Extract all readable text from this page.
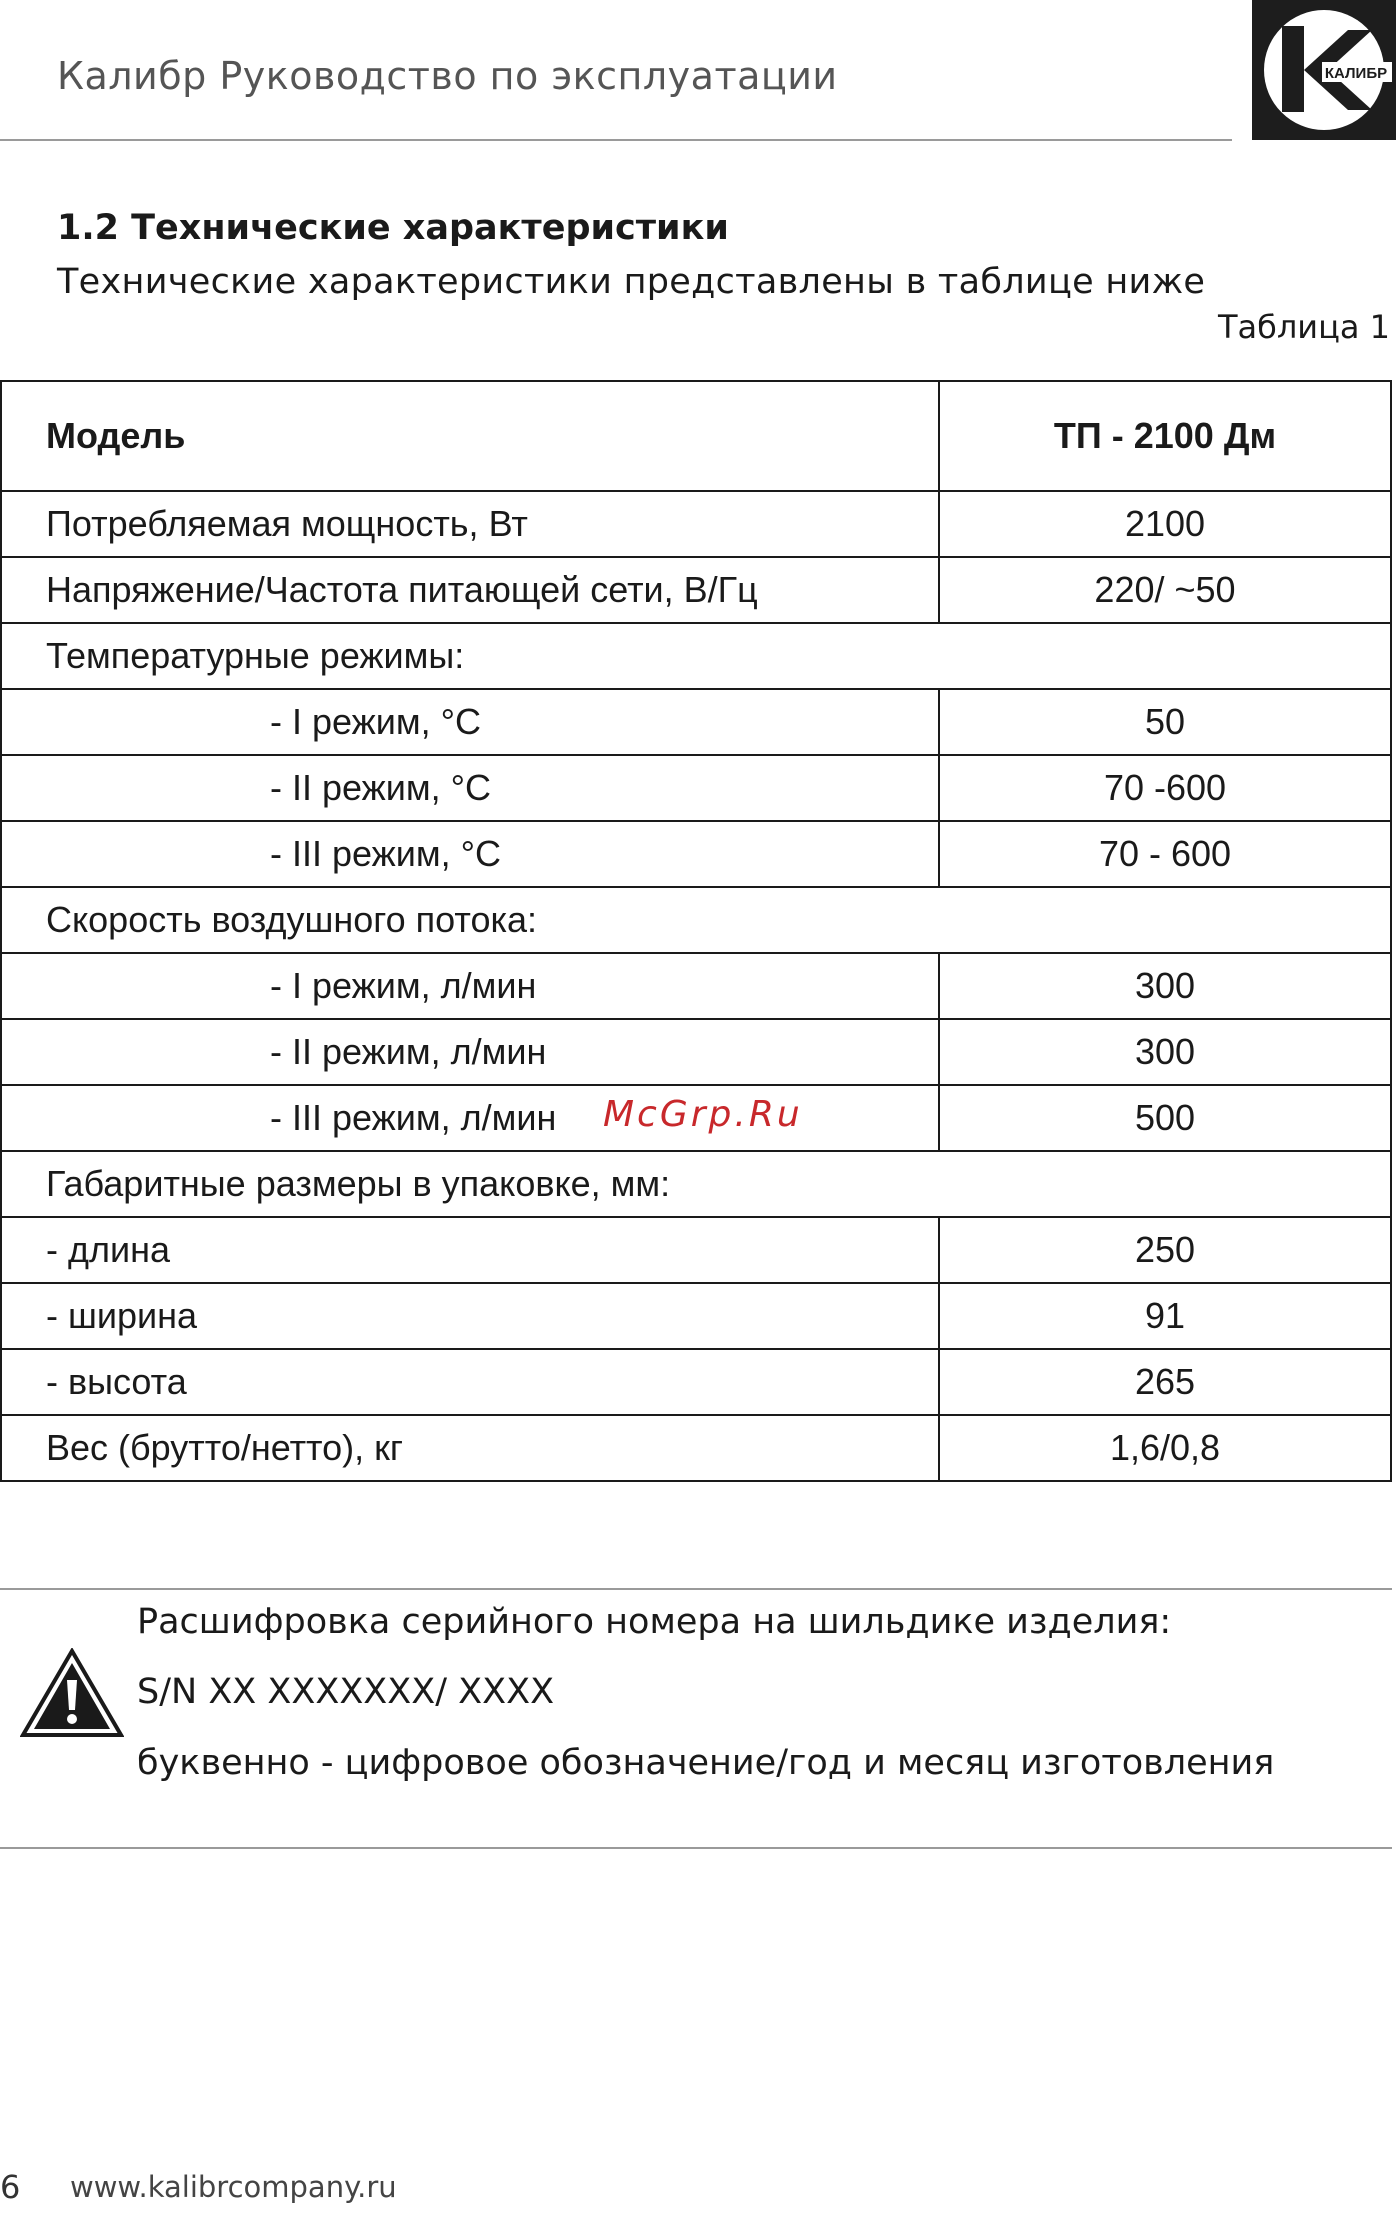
Калибр Руководство по эксплуатации	КАЛИБР
1.2 Технические характеристики
Технические характеристики представлены в таблице ниже
Таблица 1
Модель	ТП - 2100 Дм
Потребляемая мощность, Вт	2100
Напряжение/Частота питающей сети, В/Гц	220/ ~50
Температурные режимы:	
- I режим, °С	50
- II режим, °С	70 -600
- III режим, °С	70 - 600
Скорость воздушного потока:	
- I режим, л/мин	300
- II режим, л/мин	300
- III режим, л/мин	500
Габаритные размеры в упаковке, мм:	
- длина	250
- ширина	91
- высота	265
Вес (брутто/нетто), кг	1,6/0,8
McGrp.Ru
Расшифровка серийного номера на шильдике изделия:
S/N XX XXXXXXX/ XXXX
буквенно - цифровое обозначение/год и месяц изготовления
6 www.kalibrcompany.ru
